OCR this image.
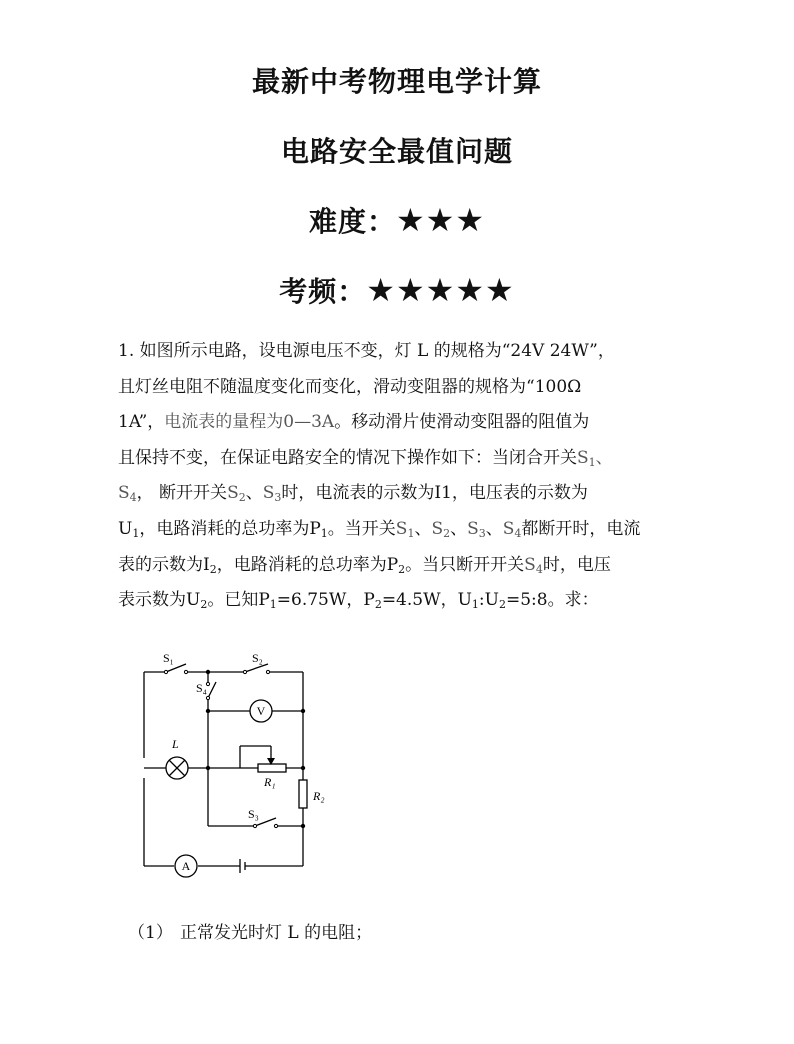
最新中考物理电学计算
电路安全最值问题
难度：★★★
考频：★★★★★
1. 如图所示电路，设电源电压不变，灯 L 的规格为“24V 24W”，
且灯丝电阻不随温度变化而变化，滑动变阻器的规格为“100Ω
1A”，电流表的量程为0—3A。移动滑片使滑动变阻器的阻值为
且保持不变，在保证电路安全的情况下操作如下：当闭合开关$S_1$、
$S_4$， 断开开关$S_2$、$S_3$时，电流表的示数为I1，电压表的示数为
$U_1$，电路消耗的总功率为$P_1$。当开关$S_1$、$S_2$、$S_3$、$S_4$都断开时，电流
表的示数为$I_2$，电路消耗的总功率为$P_2$。当只断开开关$S_4$时，电压
表示数为$U_2$。已知$P_1=6.75W$，$P_2=4.5W$，$U_1:U_2=5:8$。求：
S₁	S₂
S₄
S₃
L
V
A
R₁
R₂
（1） 正常发光时灯 L 的电阻；
